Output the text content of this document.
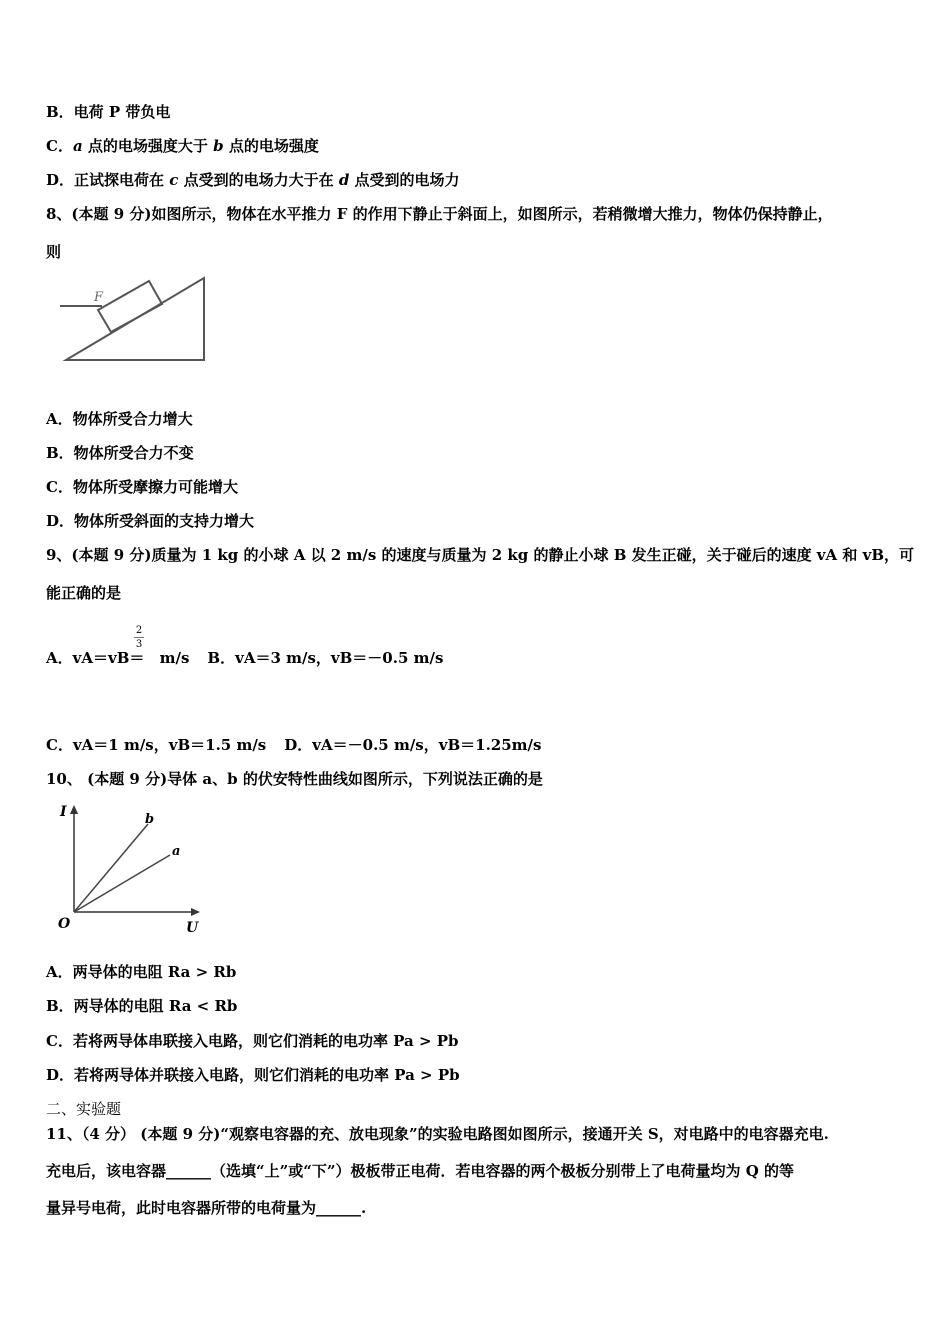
B．电荷 P 带负电
C．a 点的电场强度大于 b 点的电场强度
D．正试探电荷在 c 点受到的电场力大于在 d 点受到的电场力
8、(本题 9 分)如图所示，物体在水平推力 F 的作用下静止于斜面上，如图所示，若稍微增大推力，物体仍保持静止，
则
F
A．物体所受合力增大
B．物体所受合力不变
C．物体所受摩擦力可能增大
D．物体所受斜面的支持力增大
9、(本题 9 分)质量为 1 kg 的小球 A 以 2 m/s 的速度与质量为 2 kg 的静止小球 B 发生正碰，关于碰后的速度 vA 和 vB，可
能正确的是
2
3
A．vA＝vB＝ m/s B．vA＝3 m/s，vB＝－0.5 m/s
C．vA＝1 m/s，vB＝1.5 m/s D．vA＝－0.5 m/s，vB＝1.25m/s
10、 (本题 9 分)导体 a、b 的伏安特性曲线如图所示，下列说法正确的是
I
U
O
b
a
A．两导体的电阻 Ra > Rb
B．两导体的电阻 Ra < Rb
C．若将两导体串联接入电路，则它们消耗的电功率 Pa > Pb
D．若将两导体并联接入电路，则它们消耗的电功率 Pa > Pb
二、实验题
11、（4 分） (本题 9 分)“观察电容器的充、放电现象”的实验电路图如图所示，接通开关 S，对电路中的电容器充电.
充电后，该电容器______（选填“上”或“下”）极板带正电荷．若电容器的两个极板分别带上了电荷量均为 Q 的等
量异号电荷，此时电容器所带的电荷量为______.
